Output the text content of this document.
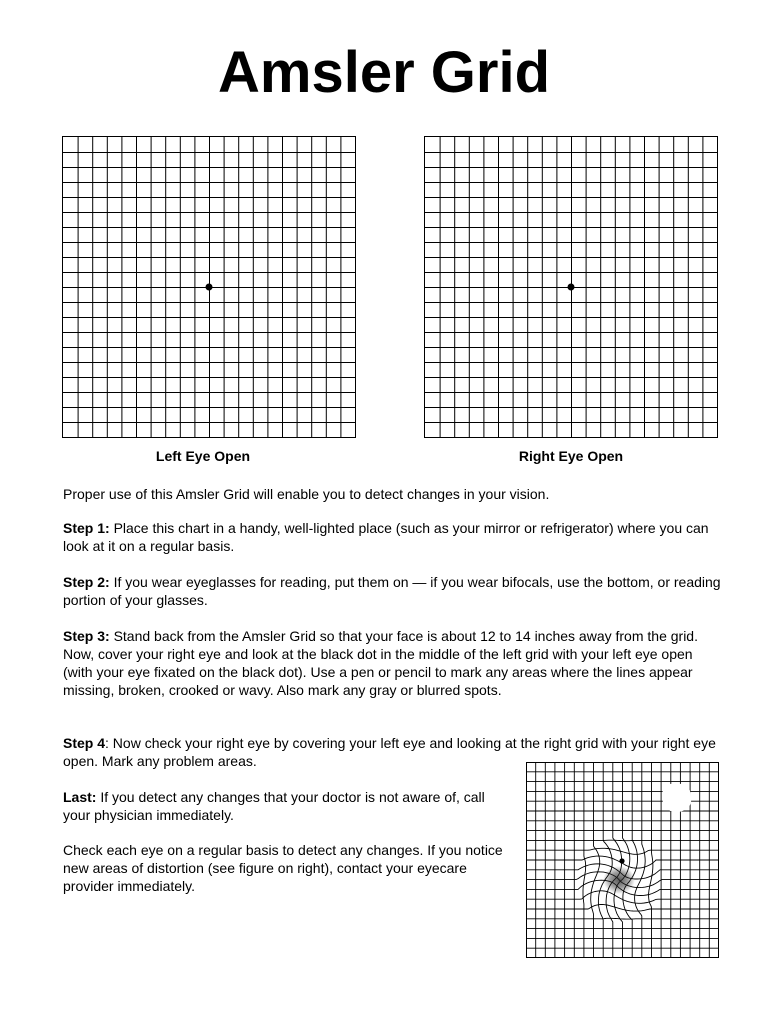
Amsler Grid
Left Eye Open	Right Eye Open

Proper use of this Amsler Grid will enable you to detect changes in your vision.

Step 1: Place this chart in a handy, well-lighted place (such as your mirror or refrigerator) where you can look at it on a regular basis.

Step 2: If you wear eyeglasses for reading, put them on — if you wear bifocals, use the bottom, or reading portion of your glasses.

Step 3: Stand back from the Amsler Grid so that your face is about 12 to 14 inches away from the grid. Now, cover your right eye and look at the black dot in the middle of the left grid with your left eye open (with your eye fixated on the black dot). Use a pen or pencil to mark any areas where the lines appear missing, broken, crooked or wavy. Also mark any gray or blurred spots.

Step 4: Now check your right eye by covering your left eye and looking at the right grid with your right eye open. Mark any problem areas.

Last: If you detect any changes that your doctor is not aware of, call your physician immediately.

Check each eye on a regular basis to detect any changes. If you notice new areas of distortion (see figure on right), contact your eyecare provider immediately.
